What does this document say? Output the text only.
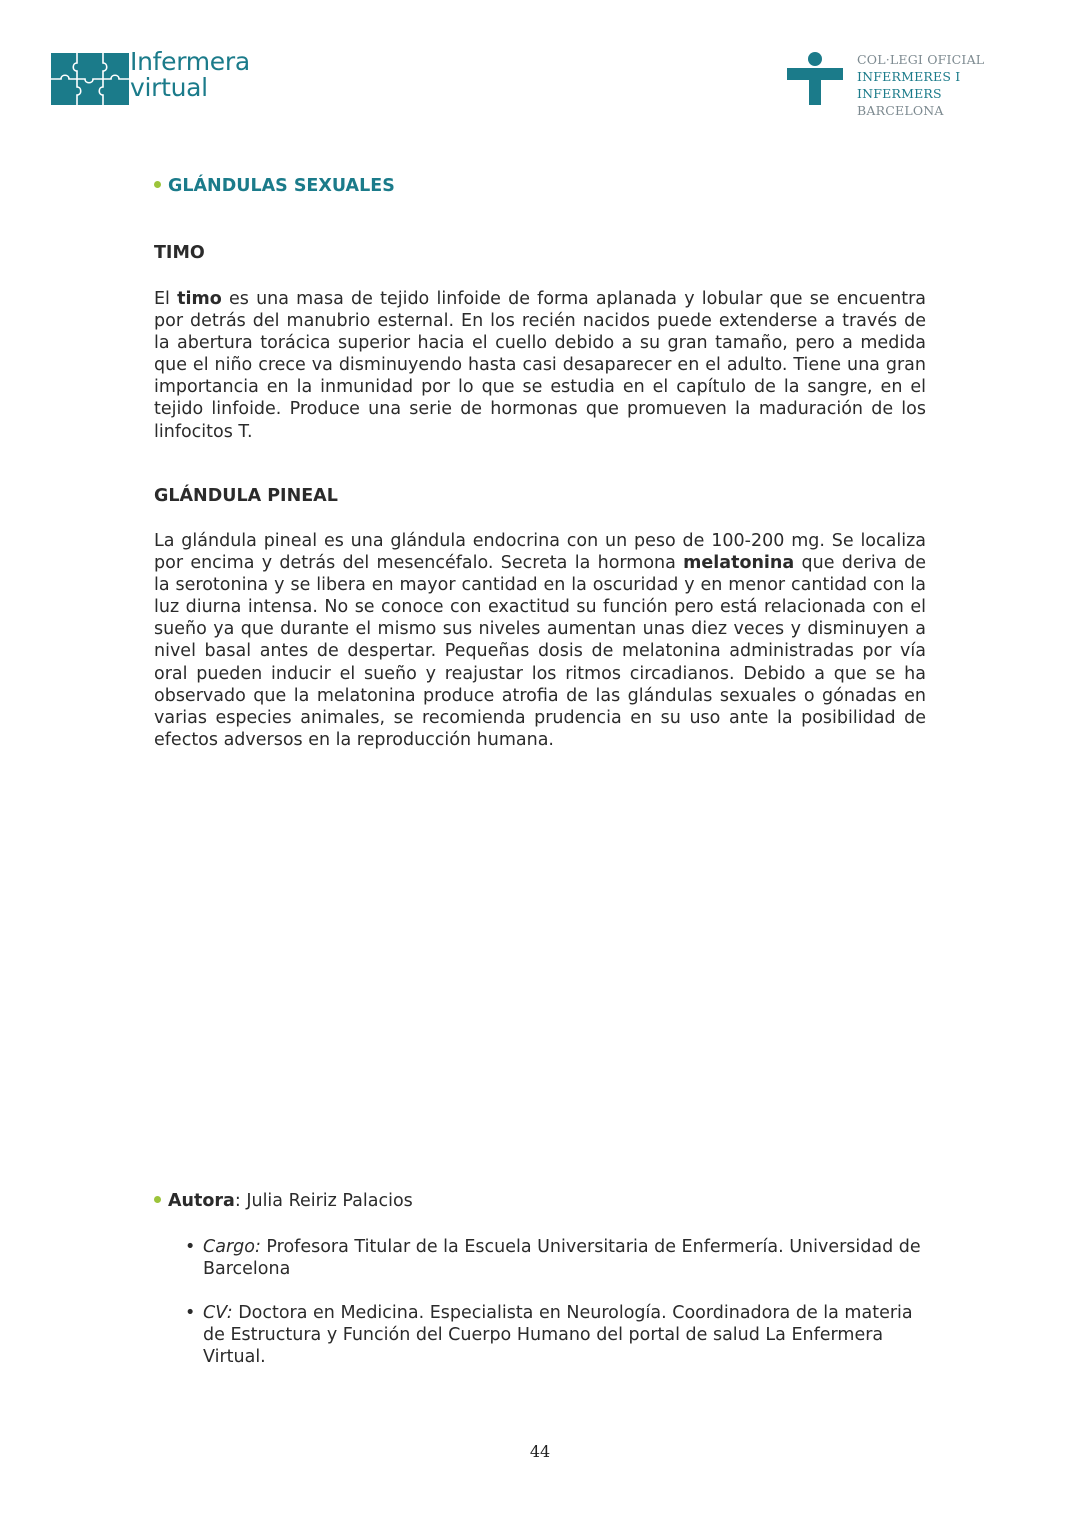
Infermera
virtual
COL·LEGI OFICIAL
INFERMERES I INFERMERS
BARCELONA
GLÁNDULAS SEXUALES
TIMO

El timo es una masa de tejido linfoide de forma aplanada y lobular que se encuentra por detrás del manubrio esternal. En los recién nacidos puede extenderse a través de la abertura torácica superior hacia el cuello debido a su gran tamaño, pero a medida que el niño crece va disminuyendo hasta casi desaparecer en el adulto. Tiene una gran importancia en la inmunidad por lo que se estudia en el capítulo de la sangre, en el tejido linfoide. Produce una serie de hormonas que promueven la maduración de los linfocitos T.

GLÁNDULA PINEAL

La glándula pineal es una glándula endocrina con un peso de 100-200 mg. Se localiza por encima y detrás del mesencéfalo. Secreta la hormona melatonina que deriva de la serotonina y se libera en mayor cantidad en la oscuridad y en menor cantidad con la luz diurna intensa. No se conoce con exactitud su función pero está relacionada con el sueño ya que durante el mismo sus niveles aumentan unas diez veces y disminuyen a nivel basal antes de despertar. Pequeñas dosis de melatonina administradas por vía oral pueden inducir el sueño y reajustar los ritmos circadianos. Debido a que se ha observado que la melatonina produce atrofia de las glándulas sexuales o gónadas en varias especies animales, se recomienda prudencia en su uso ante la posibilidad de efectos adversos en la reproducción humana.

Autora: Julia Reiriz Palacios
• Cargo: Profesora Titular de la Escuela Universitaria de Enfermería. Universidad de Barcelona
• CV: Doctora en Medicina. Especialista en Neurología. Coordinadora de la materia de Estructura y Función del Cuerpo Humano del portal de salud La Enfermera Virtual.
44
